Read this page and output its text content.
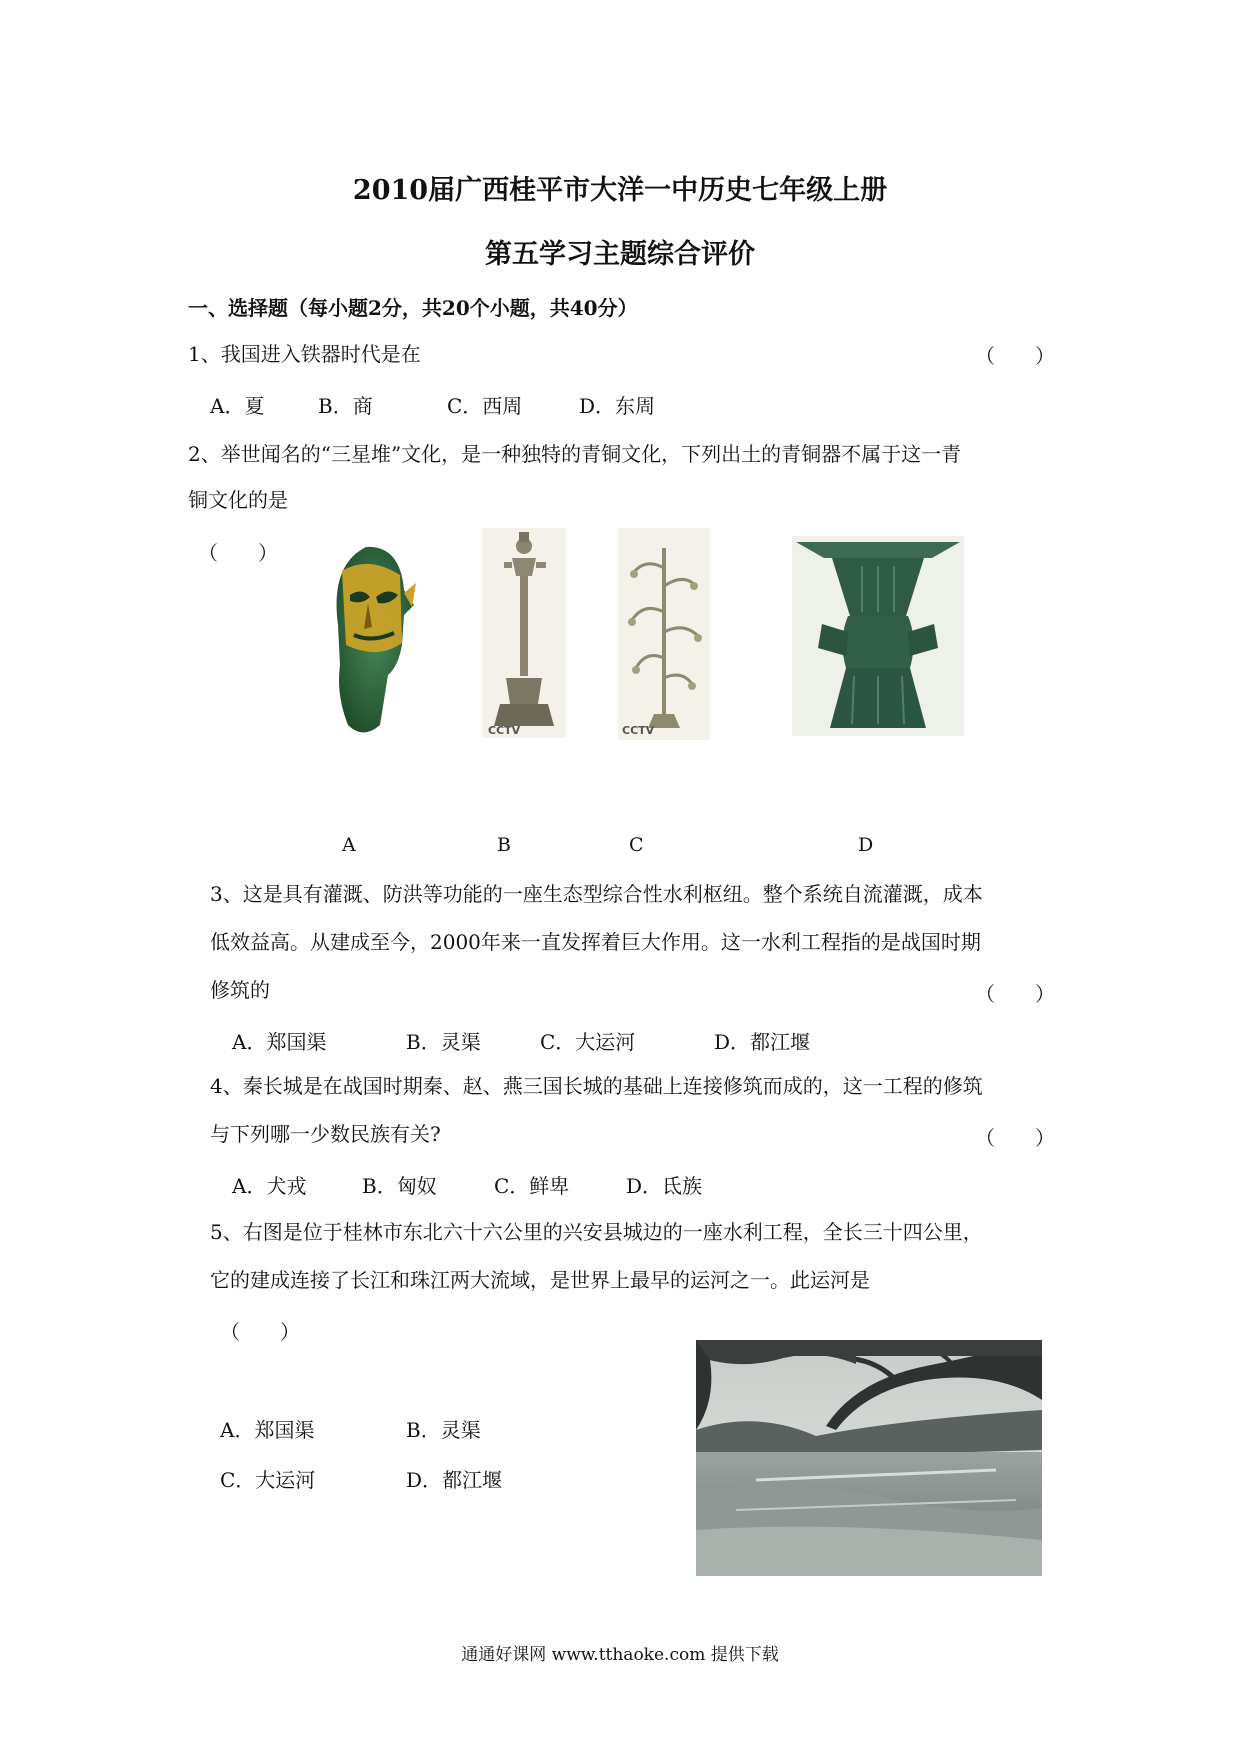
2010届广西桂平市大洋一中历史七年级上册
第五学习主题综合评价
一、选择题（每小题2分，共20个小题，共40分）
1、我国进入铁器时代是在	（　　）
A．夏	B．商	C．西周	D．东周
2、举世闻名的“三星堆”文化，是一种独特的青铜文化，下列出土的青铜器不属于这一青
铜文化的是
（　　）
CCTV	CCTV
A	B	C	D
3、这是具有灌溉、防洪等功能的一座生态型综合性水利枢纽。整个系统自流灌溉，成本
低效益高。从建成至今，2000年来一直发挥着巨大作用。这一水利工程指的是战国时期
修筑的	（　　）
A．郑国渠	B．灵渠	C．大运河	D．都江堰
4、秦长城是在战国时期秦、赵、燕三国长城的基础上连接修筑而成的，这一工程的修筑
与下列哪一少数民族有关?	（　　）
A．犬戎	B．匈奴	C．鲜卑	D．氐族
5、右图是位于桂林市东北六十六公里的兴安县城边的一座水利工程，全长三十四公里，
它的建成连接了长江和珠江两大流域，是世界上最早的运河之一。此运河是
（　　）
A．郑国渠	B．灵渠
C．大运河	D．都江堰
通通好课网 www.tthaoke.com 提供下载
